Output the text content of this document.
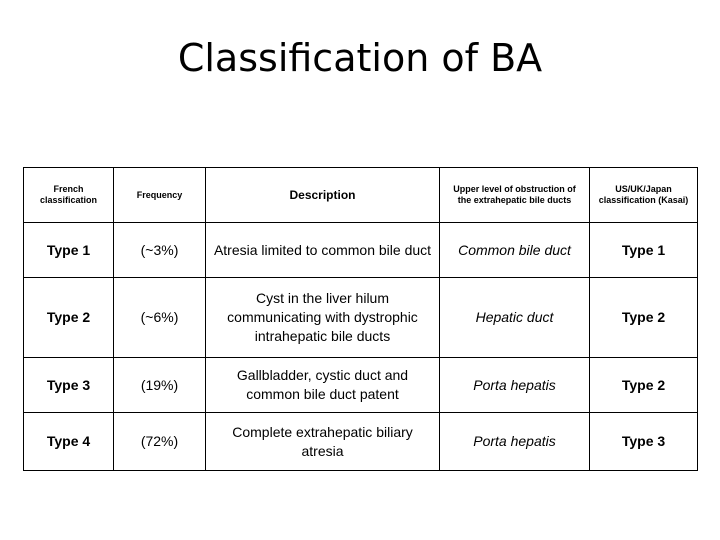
Classification of BA
French classification	Frequency	Description	Upper level of obstruction of the extrahepatic bile ducts	US/UK/Japan classification (Kasai)
Type 1	(~3%)	Atresia limited to common bile duct	Common bile duct	Type 1
Type 2	(~6%)	Cyst in the liver hilum communicating with dystrophic intrahepatic bile ducts	Hepatic duct	Type 2
Type 3	(19%)	Gallbladder, cystic duct and common bile duct patent	Porta hepatis	Type 2
Type 4	(72%)	Complete extrahepatic biliary atresia	Porta hepatis	Type 3
